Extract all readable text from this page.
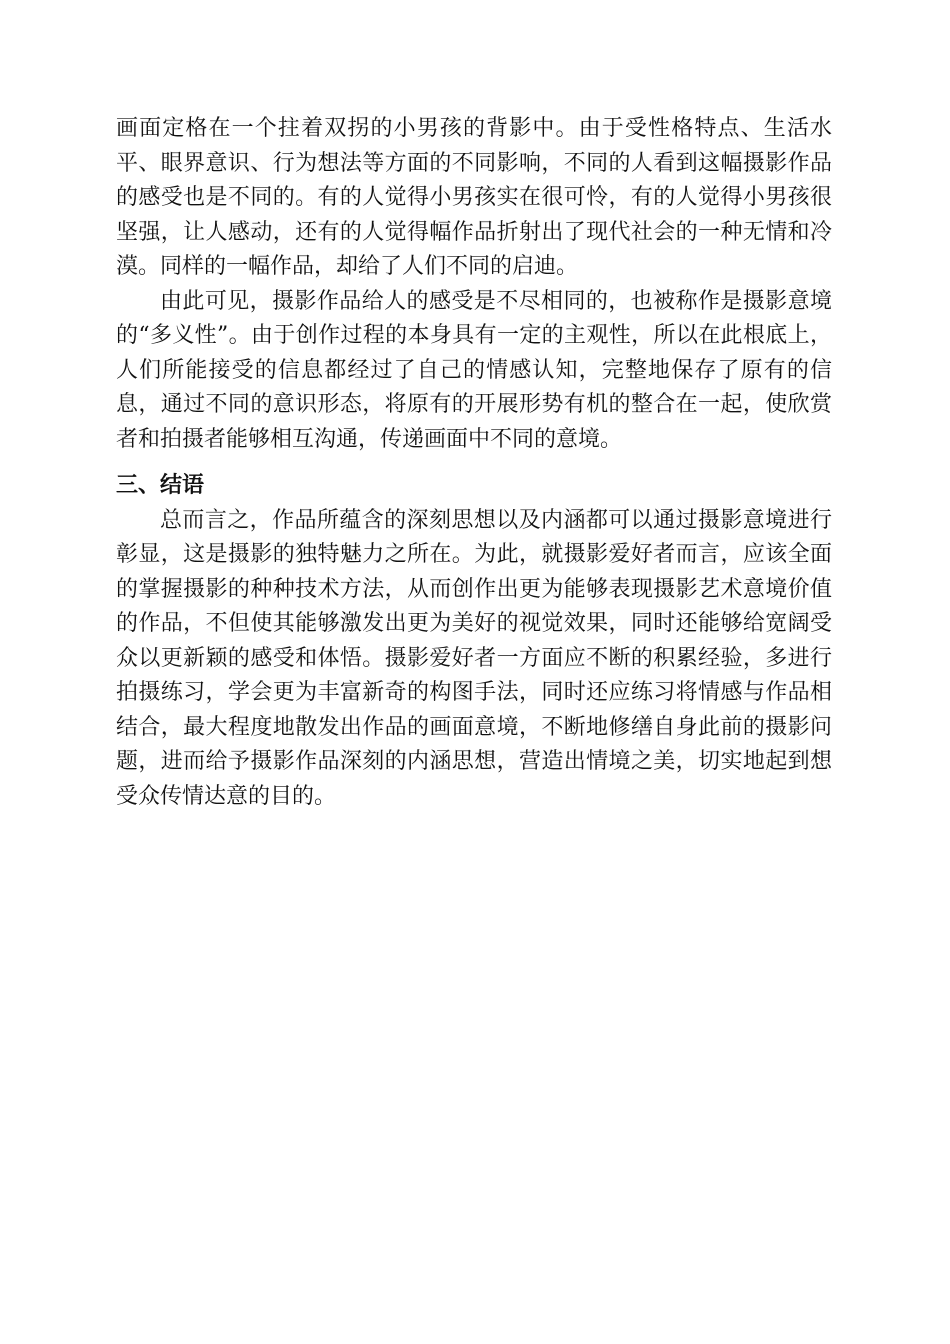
画面定格在一个拄着双拐的小男孩的背影中。由于受性格特点、生活水平、眼界意识、行为想法等方面的不同影响，不同的人看到这幅摄影作品的感受也是不同的。有的人觉得小男孩实在很可怜，有的人觉得小男孩很坚强，让人感动，还有的人觉得幅作品折射出了现代社会的一种无情和冷漠。同样的一幅作品，却给了人们不同的启迪。

由此可见，摄影作品给人的感受是不尽相同的，也被称作是摄影意境的“多义性”。由于创作过程的本身具有一定的主观性，所以在此根底上，人们所能接受的信息都经过了自己的情感认知，完整地保存了原有的信息，通过不同的意识形态，将原有的开展形势有机的整合在一起，使欣赏者和拍摄者能够相互沟通，传递画面中不同的意境。

三、结语

总而言之，作品所蕴含的深刻思想以及内涵都可以通过摄影意境进行彰显，这是摄影的独特魅力之所在。为此，就摄影爱好者而言，应该全面的掌握摄影的种种技术方法，从而创作出更为能够表现摄影艺术意境价值的作品，不但使其能够激发出更为美好的视觉效果，同时还能够给宽阔受众以更新颖的感受和体悟。摄影爱好者一方面应不断的积累经验，多进行拍摄练习，学会更为丰富新奇的构图手法，同时还应练习将情感与作品相结合，最大程度地散发出作品的画面意境，不断地修缮自身此前的摄影问题，进而给予摄影作品深刻的内涵思想，营造出情境之美，切实地起到想受众传情达意的目的。
